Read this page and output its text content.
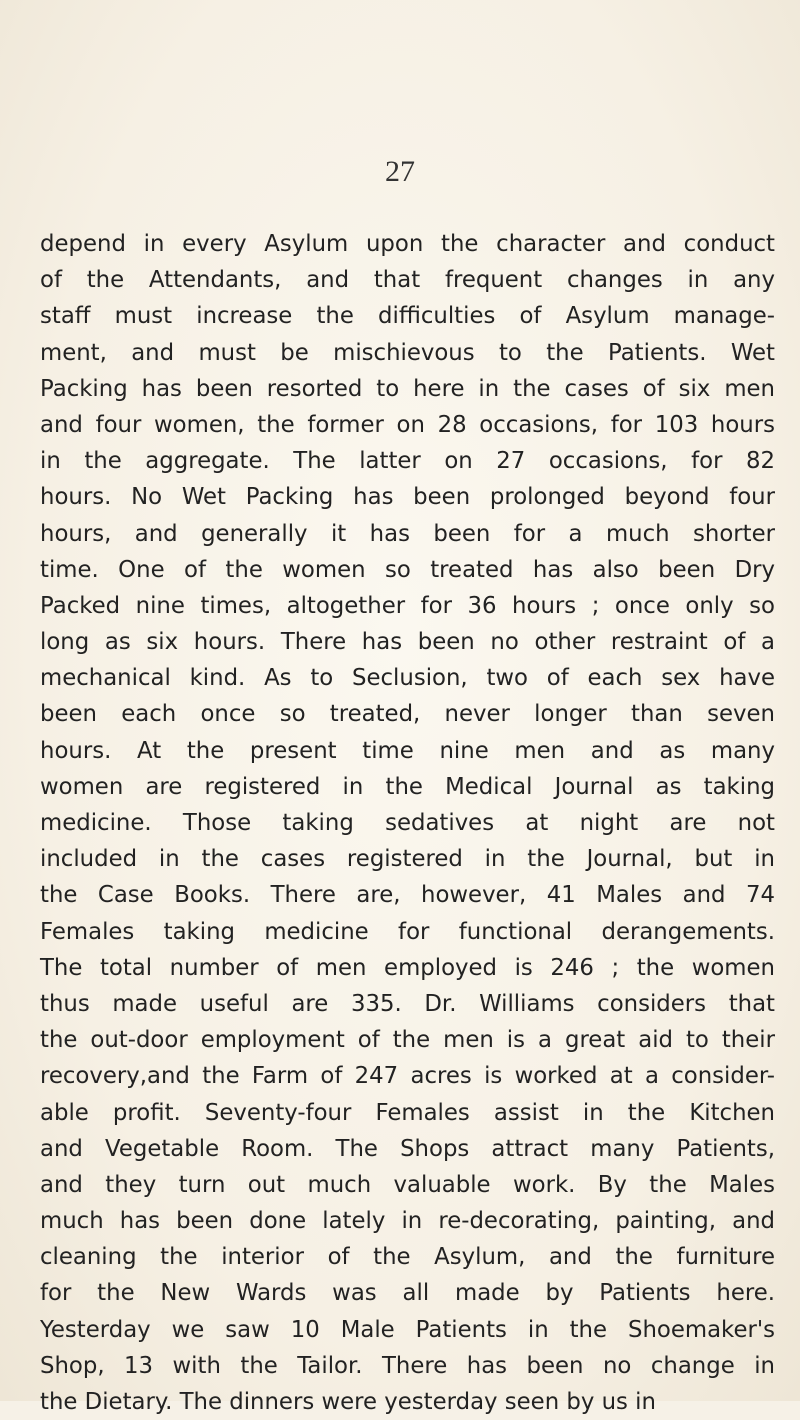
27
depend in every Asylum upon the character and conduct
of the Attendants, and that frequent changes in any
staff must increase the difficulties of Asylum manage-
ment, and must be mischievous to the Patients. Wet
Packing has been resorted to here in the cases of six men
and four women, the former on 28 occasions, for 103 hours
in the aggregate. The latter on 27 occasions, for 82
hours. No Wet Packing has been prolonged beyond four
hours, and generally it has been for a much shorter
time. One of the women so treated has also been Dry
Packed nine times, altogether for 36 hours ; once only so
long as six hours. There has been no other restraint of a
mechanical kind. As to Seclusion, two of each sex have
been each once so treated, never longer than seven
hours. At the present time nine men and as many
women are registered in the Medical Journal as taking
medicine. Those taking sedatives at night are not
included in the cases registered in the Journal, but in
the Case Books. There are, however, 41 Males and 74
Females taking medicine for functional derangements.
The total number of men employed is 246 ; the women
thus made useful are 335. Dr. Williams considers that
the out-door employment of the men is a great aid to their
recovery,and the Farm of 247 acres is worked at a consider-
able profit. Seventy-four Females assist in the Kitchen
and Vegetable Room. The Shops attract many Patients,
and they turn out much valuable work. By the Males
much has been done lately in re-decorating, painting, and
cleaning the interior of the Asylum, and the furniture
for the New Wards was all made by Patients here.
Yesterday we saw 10 Male Patients in the Shoemaker's
Shop, 13 with the Tailor. There has been no change in
the Dietary. The dinners were yesterday seen by us in
